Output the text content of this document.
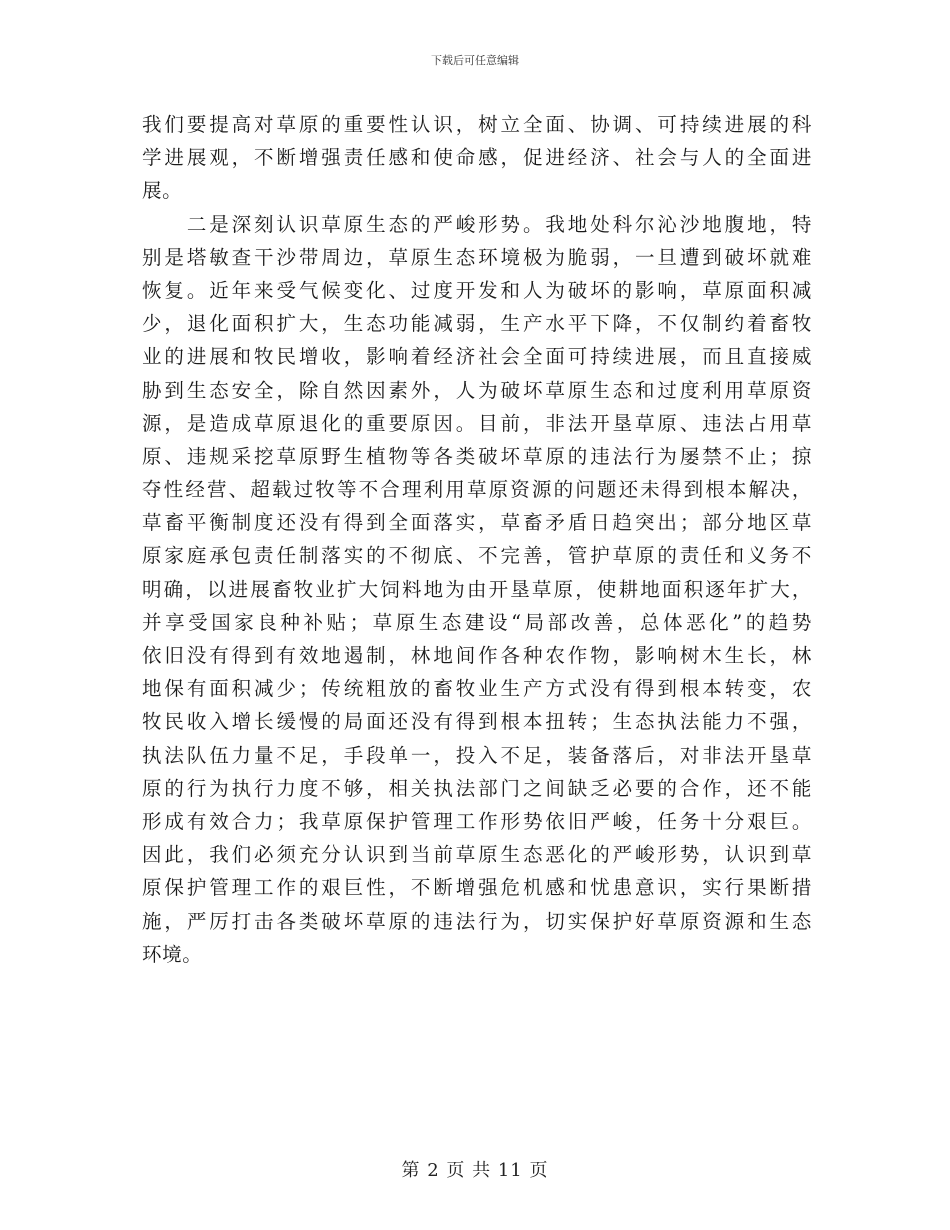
下载后可任意编辑
我们要提高对草原的重要性认识，树立全面、协调、可持续进展的科
学进展观，不断增强责任感和使命感，促进经济、社会与人的全面进
展。
　　二是深刻认识草原生态的严峻形势。我地处科尔沁沙地腹地，特
别是塔敏查干沙带周边，草原生态环境极为脆弱，一旦遭到破坏就难
恢复。近年来受气候变化、过度开发和人为破坏的影响，草原面积减
少，退化面积扩大，生态功能减弱，生产水平下降，不仅制约着畜牧
业的进展和牧民增收，影响着经济社会全面可持续进展，而且直接威
胁到生态安全，除自然因素外，人为破坏草原生态和过度利用草原资
源，是造成草原退化的重要原因。目前，非法开垦草原、违法占用草
原、违规采挖草原野生植物等各类破坏草原的违法行为屡禁不止；掠
夺性经营、超载过牧等不合理利用草原资源的问题还未得到根本解决，
草畜平衡制度还没有得到全面落实，草畜矛盾日趋突出；部分地区草
原家庭承包责任制落实的不彻底、不完善，管护草原的责任和义务不
明确，以进展畜牧业扩大饲料地为由开垦草原，使耕地面积逐年扩大，
并享受国家良种补贴；草原生态建设“局部改善，总体恶化”的趋势
依旧没有得到有效地遏制，林地间作各种农作物，影响树木生长，林
地保有面积减少；传统粗放的畜牧业生产方式没有得到根本转变，农
牧民收入增长缓慢的局面还没有得到根本扭转；生态执法能力不强，
执法队伍力量不足，手段单一，投入不足，装备落后，对非法开垦草
原的行为执行力度不够，相关执法部门之间缺乏必要的合作，还不能
形成有效合力；我草原保护管理工作形势依旧严峻，任务十分艰巨。
因此，我们必须充分认识到当前草原生态恶化的严峻形势，认识到草
原保护管理工作的艰巨性，不断增强危机感和忧患意识，实行果断措
施，严厉打击各类破坏草原的违法行为，切实保护好草原资源和生态
环境。
第 2 页 共 11 页
